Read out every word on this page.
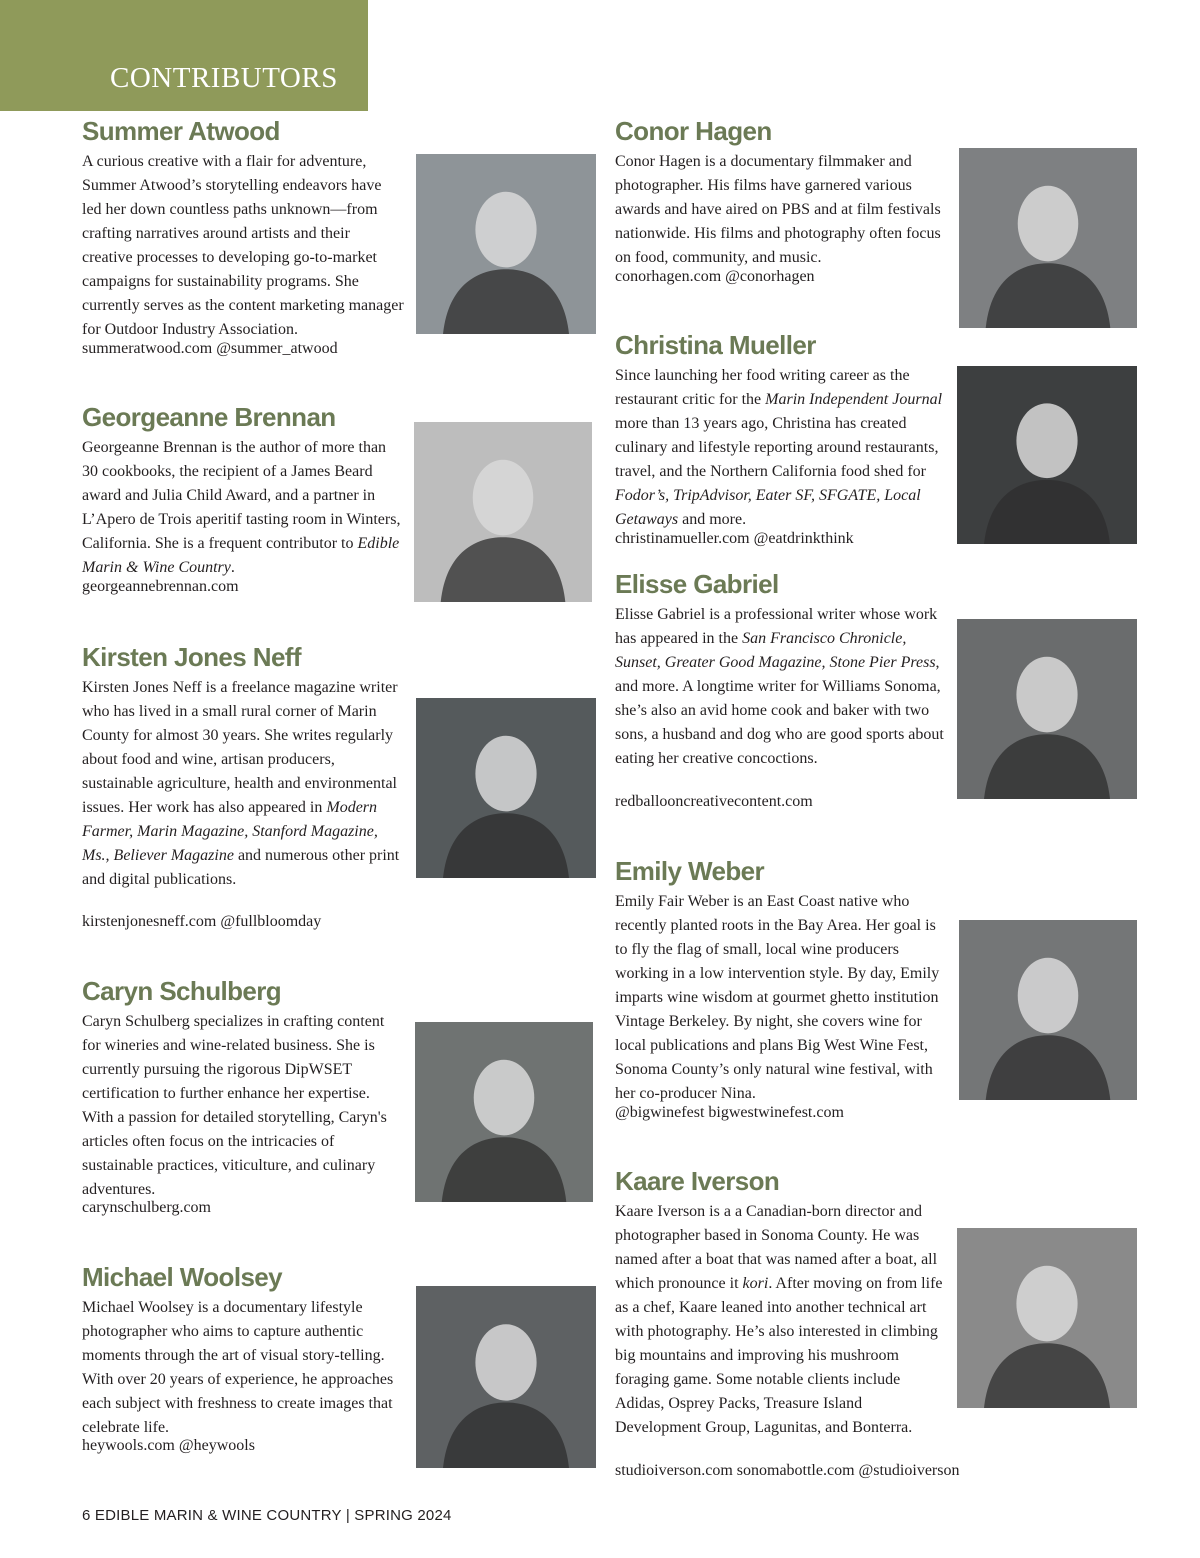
CONTRIBUTORS
Summer Atwood
A curious creative with a flair for adventure, Summer Atwood’s storytelling endeavors have led her down countless paths unknown—from crafting narratives around artists and their creative processes to developing go-to-market campaigns for sustainability programs. She currently serves as the content marketing manager for Outdoor Industry Association.
summeratwood.com @summer_atwood
Georgeanne Brennan
Georgeanne Brennan is the author of more than 30 cookbooks, the recipient of a James Beard award and Julia Child Award, and a partner in L’Apero de Trois aperitif tasting room in Winters, California. She is a frequent contributor to Edible Marin & Wine Country.
georgeannebrennan.com
Kirsten Jones Neff
Kirsten Jones Neff is a freelance magazine writer who has lived in a small rural corner of Marin County for almost 30 years. She writes regularly about food and wine, artisan producers, sustainable agriculture, health and environmental issues. Her work has also appeared in Modern Farmer, Marin Magazine, Stanford Magazine, Ms., Believer Magazine and numerous other print and digital publications.
kirstenjonesneff.com @fullbloomday
Caryn Schulberg
Caryn Schulberg specializes in crafting content for wineries and wine-related business. She is currently pursuing the rigorous DipWSET certification to further enhance her expertise. With a passion for detailed storytelling, Caryn's articles often focus on the intricacies of sustainable practices, viticulture, and culinary adventures.
carynschulberg.com
Michael Woolsey
Michael Woolsey is a documentary lifestyle photographer who aims to capture authentic moments through the art of visual story-telling. With over 20 years of experience, he approaches each subject with freshness to create images that celebrate life.
heywools.com @heywools
Conor Hagen
Conor Hagen is a documentary filmmaker and photographer. His films have garnered various awards and have aired on PBS and at film festivals nationwide. His films and photography often focus on food, community, and music.
conorhagen.com @conorhagen
Christina Mueller
Since launching her food writing career as the restaurant critic for the Marin Independent Journal more than 13 years ago, Christina has created culinary and lifestyle reporting around restaurants, travel, and the Northern California food shed for Fodor’s, TripAdvisor, Eater SF, SFGATE, Local Getaways and more.
christinamueller.com @eatdrinkthink
Elisse Gabriel
Elisse Gabriel is a professional writer whose work has appeared in the San Francisco Chronicle, Sunset, Greater Good Magazine, Stone Pier Press, and more. A longtime writer for Williams Sonoma, she’s also an avid home cook and baker with two sons, a husband and dog who are good sports about eating her creative concoctions.
redballooncreativecontent.com
Emily Weber
Emily Fair Weber is an East Coast native who recently planted roots in the Bay Area. Her goal is to fly the flag of small, local wine producers working in a low intervention style. By day, Emily imparts wine wisdom at gourmet ghetto institution Vintage Berkeley. By night, she covers wine for local publications and plans Big West Wine Fest, Sonoma County’s only natural wine festival, with her co-producer Nina.
@bigwinefest bigwestwinefest.com
Kaare Iverson
Kaare Iverson is a a Canadian-born director and photographer based in Sonoma County. He was named after a boat that was named after a boat, all which pronounce it kori. After moving on from life as a chef, Kaare leaned into another technical art with photography. He’s also interested in climbing big mountains and improving his mushroom foraging game. Some notable clients include Adidas, Osprey Packs, Treasure Island Development Group, Lagunitas, and Bonterra.
studioiverson.com sonomabottle.com @studioiverson
6 EDIBLE MARIN & WINE COUNTRY | SPRING 2024
